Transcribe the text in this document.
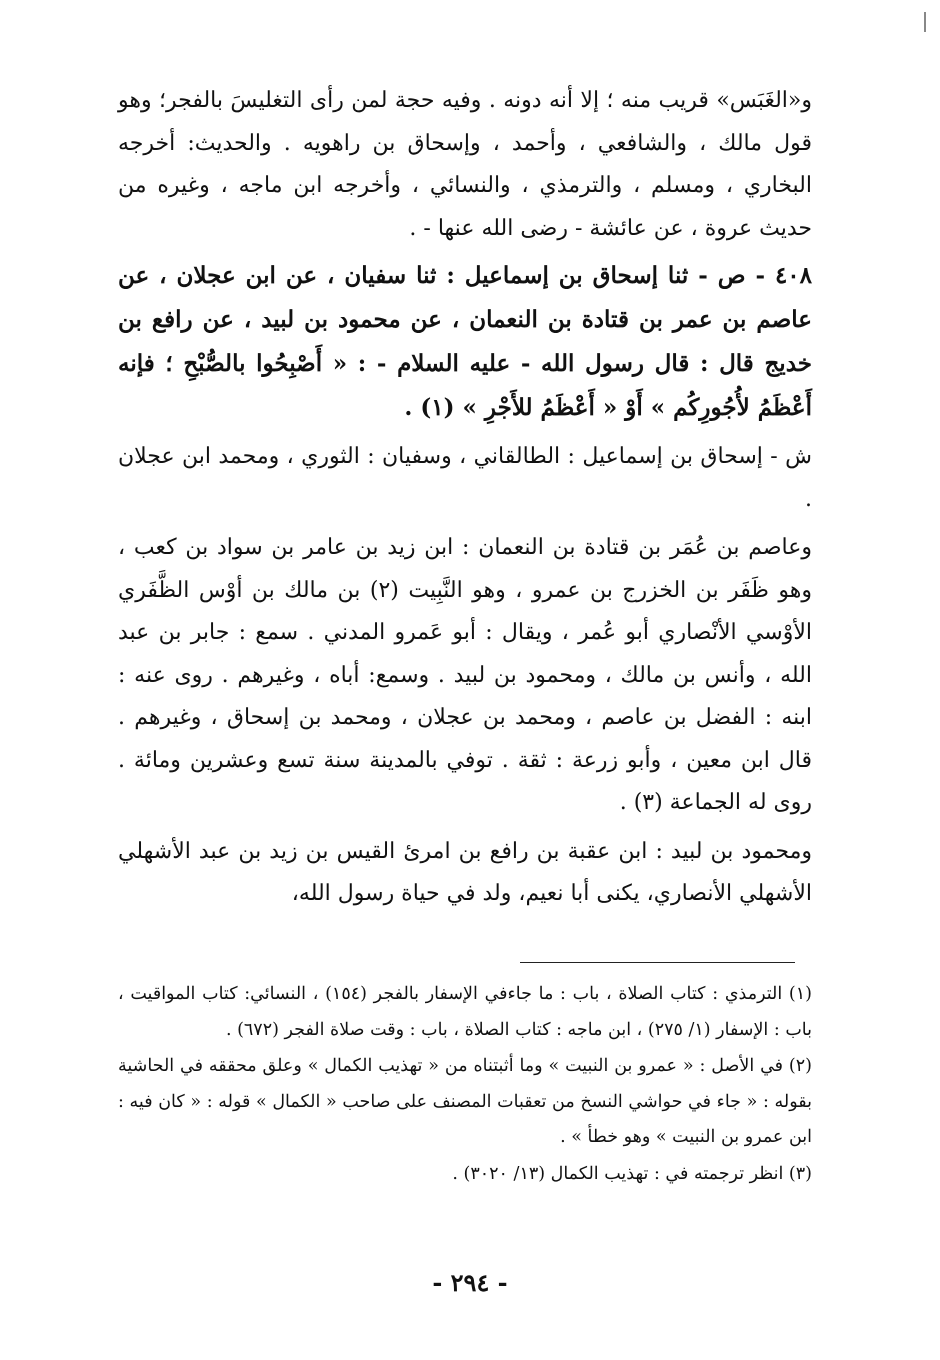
و«الغَبَس» قريب منه ؛ إلا أنه دونه . وفيه حجة لمن رأى التغليسَ بالفجر؛ وهو قول مالك ، والشافعي ، وأحمد ، وإسحاق بن راهويه . والحديث: أخرجه البخاري ، ومسلم ، والترمذي ، والنسائي ، وأخرجه ابن ماجه ، وغيره من حديث عروة ، عن عائشة - رضى الله عنها - .

٤٠٨ - ص - ثنا إسحاق بن إسماعيل : ثنا سفيان ، عن ابن عجلان ، عن عاصم بن عمر بن قتادة بن النعمان ، عن محمود بن لبيد ، عن رافع بن خديج قال : قال رسول الله - عليه السلام - : « أَصْبِحُوا بالصُّبْحِ ؛ فإنه أَعْظَمُ لأُجُورِكُم » أَوْ « أَعْظَمُ للأَجْرِ » (١) .

ش - إسحاق بن إسماعيل : الطالقاني ، وسفيان : الثوري ، ومحمد ابن عجلان .

وعاصم بن عُمَر بن قتادة بن النعمان : ابن زيد بن عامر بن سواد بن كعب ، وهو ظَفَر بن الخزرج بن عمرو ، وهو النَّبِيت (٢) بن مالك بن أوْس الظَّفَري الأوْسي الأنْصاري أبو عُمر ، ويقال : أبو عَمرو المدني . سمع : جابر بن عبد الله ، وأنس بن مالك ، ومحمود بن لبيد . وسمع: أباه ، وغيرهم . روى عنه : ابنه : الفضل بن عاصم ، ومحمد بن عجلان ، ومحمد بن إسحاق ، وغيرهم . قال ابن معين ، وأبو زرعة : ثقة . توفي بالمدينة سنة تسع وعشرين ومائة . روى له الجماعة (٣) .

ومحمود بن لبيد : ابن عقبة بن رافع بن امرئ القيس بن زيد بن عبد الأشهلي الأشهلي الأنصاري، يكنى أبا نعيم، ولد في حياة رسول الله،

(١) الترمذي : كتاب الصلاة ، باب : ما جاءفي الإسفار بالفجر (١٥٤) ، النسائي: كتاب المواقيت ، باب : الإسفار (١/ ٢٧٥) ، ابن ماجه : كتاب الصلاة ، باب : وقت صلاة الفجر (٦٧٢) .

(٢) في الأصل : « عمرو بن النبيت » وما أثبتناه من « تهذيب الكمال » وعلق محققه في الحاشية بقوله : « جاء في حواشي النسخ من تعقبات المصنف على صاحب « الكمال » قوله : « كان فيه : ابن عمرو بن النبيت » وهو خطأ » .

(٣) انظر ترجمته في : تهذيب الكمال (١٣/ ٣٠٢٠) .

- ٢٩٤ -
